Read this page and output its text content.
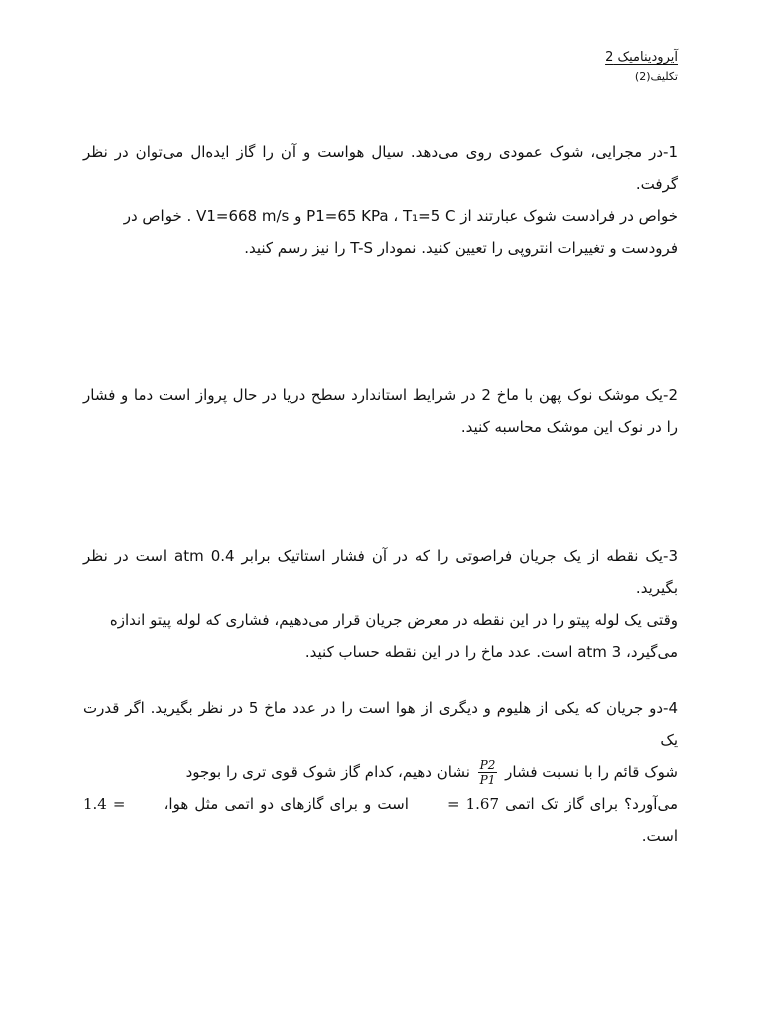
آیرودینامیک 2
تکلیف(2)
1-در مجرایی، شوک عمودی روی می‌دهد. سیال هواست و آن را گاز ایده‌ال می‌توان در نظر گرفت.
خواص در فرادست شوک عبارتند از T₁=5 C ، P1=65 KPa و V1=668 m/s . خواص در
فرودست و تغییرات انتروپی را تعیین کنید. نمودار T-S را نیز رسم کنید.
2-یک موشک نوک پهن با ماخ 2 در شرایط استاندارد سطح دریا در حال پرواز است دما و فشار را در نوک این موشک محاسبه کنید.
3-یک نقطه از یک جریان فراصوتی را که در آن فشار استاتیک برابر 0.4 atm است در نظر بگیرید.
وقتی یک لوله پیتو را در این نقطه در معرض جریان قرار می‌دهیم، فشاری که لوله پیتو اندازه
می‌گیرد، 3 atm است. عدد ماخ را در این نقطه حساب کنید.
4-دو جریان که یکی از هلیوم و دیگری از هوا است را در عدد ماخ 5 در نظر بگیرید. اگر قدرت یک
شوک قائم را با نسبت فشار
$\frac{P2}{P1}$
نشان دهیم، کدام گاز شوک قوی تری را بوجود
می‌آورد؟ برای گاز تک اتمی = 1.67 است و برای گازهای دو اتمی مثل هوا، 1.4 = است.
